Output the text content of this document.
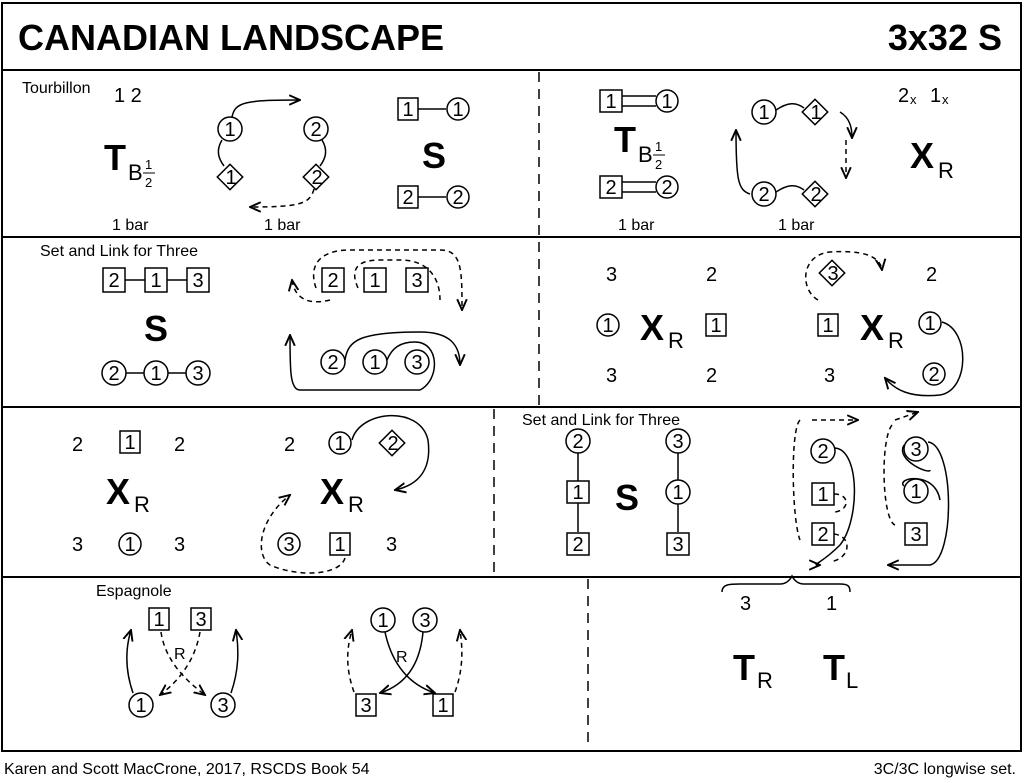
CANADIAN LANDSCAPE	3x32 S
Tourbillon 1 2
T B 1
2
1	2
1	2
1 1
S
2 2
1 bar	1 bar
1 1
T B 1
2
2 2
1 1
2 2
2 x 1 x
X R
1 bar	1 bar
Set and Link for Three
2 1 3
S
2 1 3
2 1 3
2 1 3
3	2
1 X R
1
3	2
3	2
1 X R
1
3	2
2 1 2
X R
3 1 3
2 1 2
X R
3 1 3
Set and Link for Three
2
1
2
S
3
1
3
2
1
2
3
1
3
Espagnole
1 3
R
1	3
1 3
R
3	1
3	1
T R T L
Karen and Scott MacCrone, 2017, RSCDS Book 54	3C/3C longwise set.
